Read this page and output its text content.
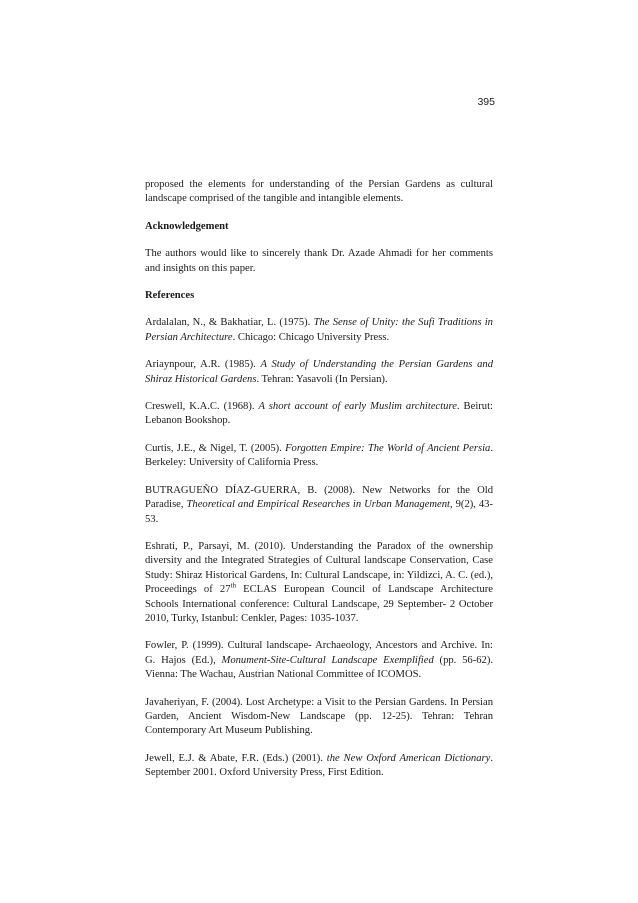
395

proposed the elements for understanding of the Persian Gardens as cultural landscape comprised of the tangible and intangible elements.

Acknowledgement

The authors would like to sincerely thank Dr. Azade Ahmadi for her comments and insights on this paper.

References

Ardalalan, N., & Bakhatiar, L. (1975). The Sense of Unity: the Sufi Traditions in Persian Architecture. Chicago: Chicago University Press.

Ariaynpour, A.R. (1985). A Study of Understanding the Persian Gardens and Shiraz Historical Gardens. Tehran: Yasavoli (In Persian).

Creswell, K.A.C. (1968). A short account of early Muslim architecture. Beirut: Lebanon Bookshop.

Curtis, J.E., & Nigel, T. (2005). Forgotten Empire: The World of Ancient Persia. Berkeley: University of California Press.

BUTRAGUEÑO DÍAZ-GUERRA, B. (2008). New Networks for the Old Paradise, Theoretical and Empirical Researches in Urban Management, 9(2), 43-53.

Eshrati, P., Parsayi, M. (2010). Understanding the Paradox of the ownership diversity and the Integrated Strategies of Cultural landscape Conservation, Case Study: Shiraz Historical Gardens, In: Cultural Landscape, in: Yildizci, A. C. (ed.), Proceedings of 27th ECLAS European Council of Landscape Architecture Schools International conference: Cultural Landscape, 29 September- 2 October 2010, Turky, Istanbul: Cenkler, Pages: 1035-1037.

Fowler, P. (1999). Cultural landscape- Archaeology, Ancestors and Archive. In: G. Hajos (Ed.), Monument-Site-Cultural Landscape Exemplified (pp. 56-62). Vienna: The Wachau, Austrian National Committee of ICOMOS.

Javaheriyan, F. (2004). Lost Archetype: a Visit to the Persian Gardens. In Persian Garden, Ancient Wisdom-New Landscape (pp. 12-25). Tehran: Tehran Contemporary Art Museum Publishing.

Jewell, E.J. & Abate, F.R. (Eds.) (2001). the New Oxford American Dictionary. September 2001. Oxford University Press, First Edition.
